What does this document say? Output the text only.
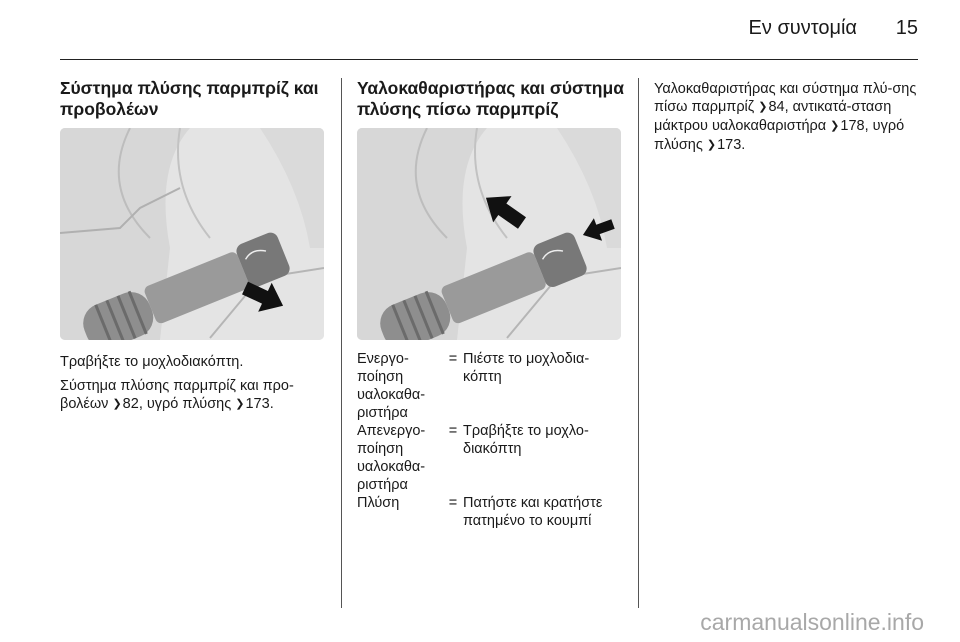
Εν συντομία 15
Σύστημα πλύσης παρμπρίζ και προβολέων

Τραβήξτε το μοχλοδιακόπτη.

Σύστημα πλύσης παρμπρίζ και προ-βολέων ❯82, υγρό πλύσης ❯173.

Υαλοκαθαριστήρας και σύστημα πλύσης πίσω παρμπρίζ
Ενεργο-ποίηση υαλοκαθα-ριστήρα
= Πιέστε το μοχλοδια-κόπτη
Απενεργο-ποίηση υαλοκαθα-ριστήρα
= Τραβήξτε το μοχλο-διακόπτη
Πλύση	= Πατήστε και κρατήστε πατημένο το κουμπί

Υαλοκαθαριστήρας και σύστημα πλύ-σης πίσω παρμπρίζ ❯84, αντικατά-σταση μάκτρου υαλοκαθαριστήρα ❯178, υγρό πλύσης ❯173.

carmanualsonline.info
